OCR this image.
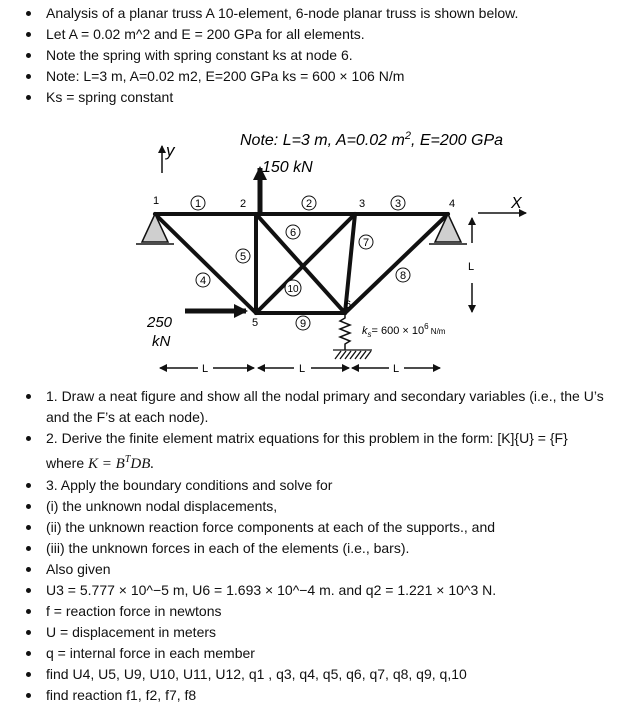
Analysis of a planar truss A 10-element, 6-node planar truss is shown below.
Let A = 0.02 m^2 and E = 200 GPa for all elements.
Note the spring with spring constant ks at node 6.
Note: L=3 m, A=0.02 m2, E=200 GPa ks = 600 × 106 N/m
Ks = spring constant
Note: L=3 m, A=0.02 $m^2$, E=200 GPa
y
150 kN
250
kN
X
L
1	2	3	4
5
6
1	2	3
4
5
6
7
8
9
10
$k_s= 600 \times 10^6$ $_{N/m}$
L	L	L
1. Draw a neat figure and show all the nodal primary and secondary variables (i.e., the U’s and the F’s at each node).
2. Derive the finite element matrix equations for this problem in the form: [K]{U} = {F}
where $K = B^TDB$.
3. Apply the boundary conditions and solve for
(i) the unknown nodal displacements,
(ii) the unknown reaction force components at each of the supports., and
(iii) the unknown forces in each of the elements (i.e., bars).
Also given
U3 = 5.777 × 10^−5 m, U6 = 1.693 × 10^−4 m. and q2 = 1.221 × 10^3 N.
f = reaction force in newtons
U = displacement in meters
q = internal force in each member
find U4, U5, U9, U10, U11, U12, q1 , q3, q4, q5, q6, q7, q8, q9, q,10
find reaction f1, f2, f7, f8
